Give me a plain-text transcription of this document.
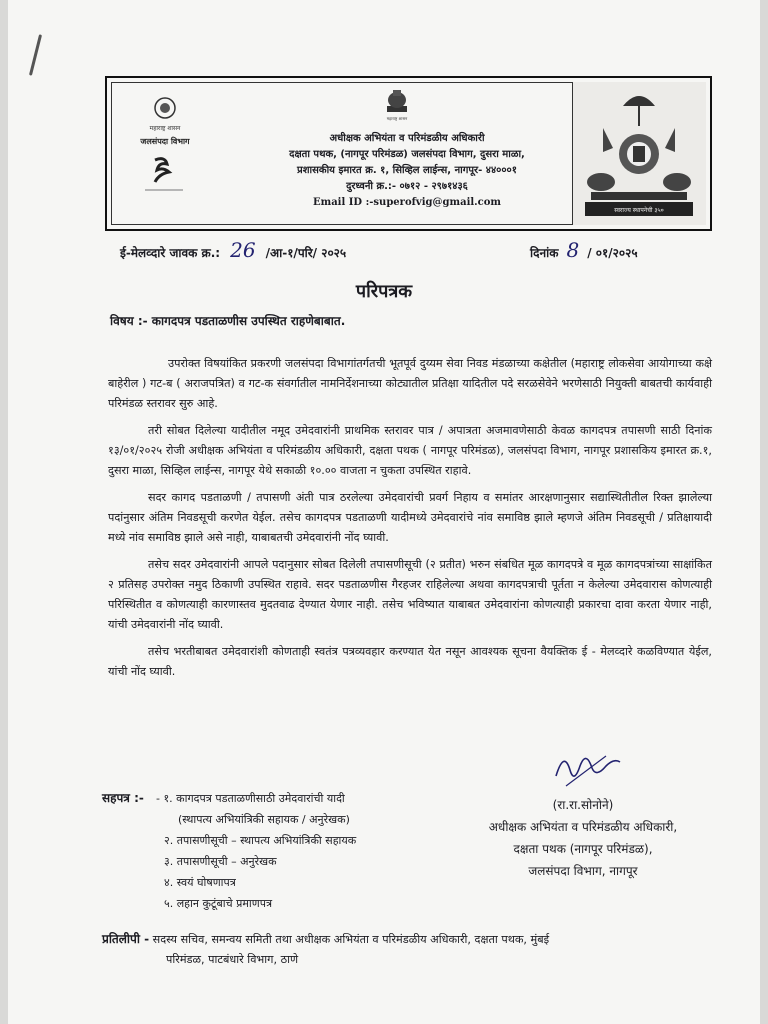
महाराष्ट्र शासन
जलसंपदा विभाग
महाराष्ट्र शासन
अधीक्षक अभियंता व परिमंडळीय अधिकारी
दक्षता पथक, (नागपूर परिमंडळ) जलसंपदा विभाग, दुसरा माळा,
प्रशासकीय इमारत क्र. १, सिव्हिल लाईन्स, नागपूर- ४४०००१
दुरध्वनी क्र.:- ०७१२ - २९७१४३६
Email ID :-superofvig@gmail.com
स्वराज्य स्थापनेची ३५०
ई-मेलव्दारे जावक क्र.: 26 /आ-१/परि/ २०२५	दिनांक 8 / ०१/२०२५
परिपत्रक
विषय :- कागदपत्र पडताळणीस उपस्थित राहणेबाबात.

उपरोक्त विषयांकित प्रकरणी जलसंपदा विभागांतर्गतची भूतपूर्व दुय्यम सेवा निवड मंडळाच्या कक्षेतील (महाराष्ट्र लोकसेवा आयोगाच्या कक्षे बाहेरील ) गट-ब ( अराजपत्रित) व गट-क संवर्गातील नामनिर्देशनाच्या कोट्यातील प्रतिक्षा यादितील पदे सरळसेवेने भरणेसाठी नियुक्ती बाबतची कार्यवाही परिमंडळ स्तरावर सुरु आहे.

तरी सोबत दिलेल्या यादीतील नमूद उमेदवारांनी प्राथमिक स्तरावर पात्र / अपात्रता अजमावणेसाठी केवळ कागदपत्र तपासणी साठी दिनांक १३/०१/२०२५ रोजी अधीक्षक अभियंता व परिमंडळीय अधिकारी, दक्षता पथक ( नागपूर परिमंडळ), जलसंपदा विभाग, नागपूर प्रशासकिय इमारत क्र.१, दुसरा माळा, सिव्हिल लाईन्स, नागपूर येथे सकाळी १०.०० वाजता न चुकता उपस्थित राहावे.

सदर कागद पडताळणी / तपासणी अंती पात्र ठरलेल्या उमेदवारांची प्रवर्ग निहाय व समांतर आरक्षणानुसार सद्यास्थितीतील रिक्त झालेल्या पदांनुसार अंतिम निवडसूची करणेत येईल. तसेच कागदपत्र पडताळणी यादीमध्ये उमेदवारांचे नांव समाविष्ठ झाले म्हणजे अंतिम निवडसूची / प्रतिक्षायादी मध्ये नांव समाविष्ठ झाले असे नाही, याबाबतची उमेदवारांनी नोंद घ्यावी.

तसेच सदर उमेदवारांनी आपले पदानुसार सोबत दिलेली तपासणीसूची (२ प्रतीत) भरुन संबधित मूळ कागदपत्रे व मूळ कागदपत्रांच्या साक्षांकित २ प्रतिसह उपरोक्त नमुद ठिकाणी उपस्थित राहावे. सदर पडताळणीस गैरहजर राहिलेल्या अथवा कागदपत्राची पूर्तता न केलेल्या उमेदवारास कोणत्याही परिस्थितीत व कोणत्याही कारणास्तव मुदतवाढ देण्यात येणार नाही. तसेच भविष्यात याबाबत उमेदवारांना कोणत्याही प्रकारचा दावा करता येणार नाही, यांची उमेदवारांनी नोंद घ्यावी.

तसेच भरतीबाबत उमेदवारांशी कोणताही स्वतंत्र पत्रव्यवहार करण्यात येत नसून आवश्यक सूचना वैयक्तिक ई - मेलव्दारे कळविण्यात येईल, यांची नोंद घ्यावी.

(रा.रा.सोनोने)
अधीक्षक अभियंता व परिमंडळीय अधिकारी,
दक्षता पथक (नागपूर परिमंडळ),
जलसंपदा विभाग, नागपूर
सहपत्र :- - १. कागदपत्र पडताळणीसाठी उमेदवारांची यादी
(स्थापत्य अभियांत्रिकी सहायक / अनुरेखक)
२. तपासणीसूची – स्थापत्य अभियांत्रिकी सहायक
३. तपासणीसूची – अनुरेखक
४. स्वयं घोषणापत्र
५. लहान कुटूंबाचे प्रमाणपत्र
प्रतिलीपी - सदस्य सचिव, समन्वय समिती तथा अधीक्षक अभियंता व परिमंडळीय अधिकारी, दक्षता पथक, मुंबई
परिमंडळ, पाटबंधारे विभाग, ठाणे
